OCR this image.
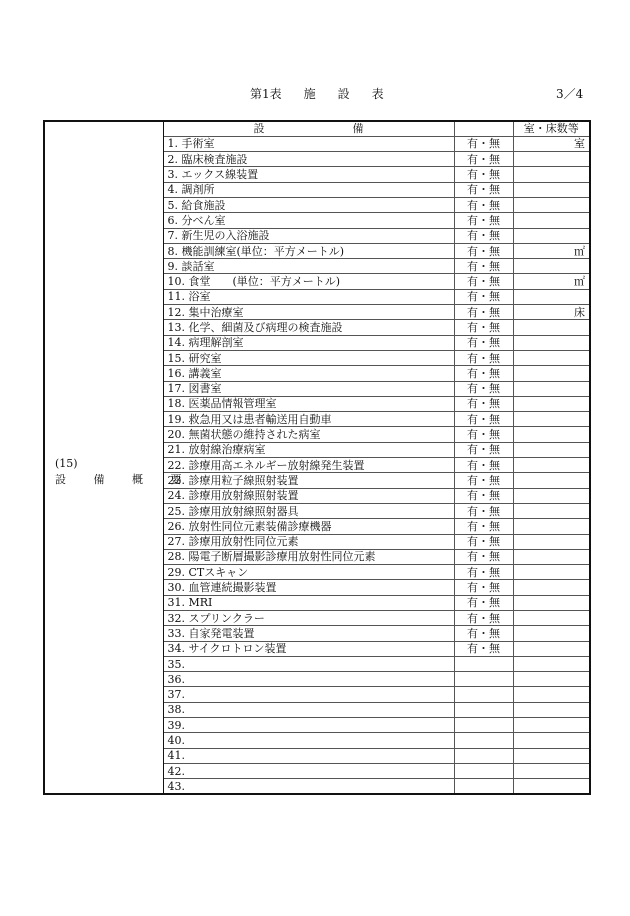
第1表 施 設 表	3／4
(15)
設 備 概 要	設　　　　　　　　備		室・床数等
	1. 手術室	有・無	室
	2. 臨床検査施設	有・無	
	3. エックス線装置	有・無	
	4. 調剤所	有・無	
	5. 給食施設	有・無	
	6. 分べん室	有・無	
	7. 新生児の入浴施設	有・無	
	8. 機能訓練室(単位：平方メートル)	有・無	㎡
	9. 談話室	有・無	
	10. 食堂　　(単位：平方メートル)	有・無	㎡
	11. 浴室	有・無	
	12. 集中治療室	有・無	床
	13. 化学、細菌及び病理の検査施設	有・無	
	14. 病理解剖室	有・無	
	15. 研究室	有・無	
	16. 講義室	有・無	
	17. 図書室	有・無	
	18. 医薬品情報管理室	有・無	
	19. 救急用又は患者輸送用自動車	有・無	
	20. 無菌状態の維持された病室	有・無	
	21. 放射線治療病室	有・無	
	22. 診療用高エネルギー放射線発生装置	有・無	
	23. 診療用粒子線照射装置	有・無	
	24. 診療用放射線照射装置	有・無	
	25. 診療用放射線照射器具	有・無	
	26. 放射性同位元素装備診療機器	有・無	
	27. 診療用放射性同位元素	有・無	
	28. 陽電子断層撮影診療用放射性同位元素	有・無	
	29. CTスキャン	有・無	
	30. 血管連続撮影装置	有・無	
	31. MRI	有・無	
	32. スプリンクラー	有・無	
	33. 自家発電装置	有・無	
	34. サイクロトロン装置	有・無	
	35.		
	36.		
	37.		
	38.		
	39.		
	40.		
	41.		
	42.		
	43.		
